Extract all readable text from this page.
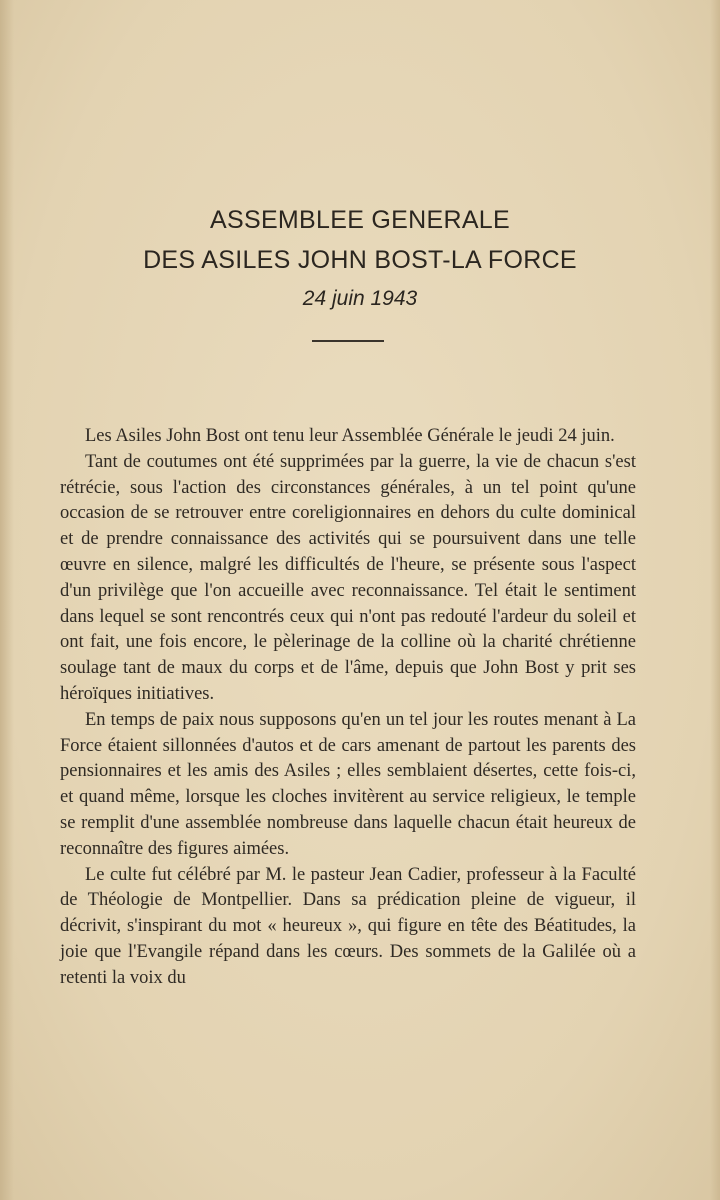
ASSEMBLEE GENERALE
DES ASILES JOHN BOST-LA FORCE
24 juin 1943

Les Asiles John Bost ont tenu leur Assemblée Générale le jeudi 24 juin.

Tant de coutumes ont été supprimées par la guerre, la vie de chacun s'est rétrécie, sous l'action des circonstances générales, à un tel point qu'une occasion de se retrouver entre coreligionnaires en dehors du culte dominical et de prendre connaissance des activités qui se poursuivent dans une telle œuvre en silence, malgré les difficultés de l'heure, se présente sous l'aspect d'un privilège que l'on accueille avec reconnaissance. Tel était le sentiment dans lequel se sont rencontrés ceux qui n'ont pas redouté l'ardeur du soleil et ont fait, une fois encore, le pèlerinage de la colline où la charité chrétienne soulage tant de maux du corps et de l'âme, depuis que John Bost y prit ses héroïques initiatives.

En temps de paix nous supposons qu'en un tel jour les routes menant à La Force étaient sillonnées d'autos et de cars amenant de partout les parents des pensionnaires et les amis des Asiles ; elles semblaient désertes, cette fois-ci, et quand même, lorsque les cloches invitèrent au service religieux, le temple se remplit d'une assemblée nombreuse dans laquelle chacun était heureux de reconnaître des figures aimées.

Le culte fut célébré par M. le pasteur Jean Cadier, professeur à la Faculté de Théologie de Montpellier. Dans sa prédication pleine de vigueur, il décrivit, s'inspirant du mot « heureux », qui figure en tête des Béatitudes, la joie que l'Evangile répand dans les cœurs. Des sommets de la Galilée où a retenti la voix du
